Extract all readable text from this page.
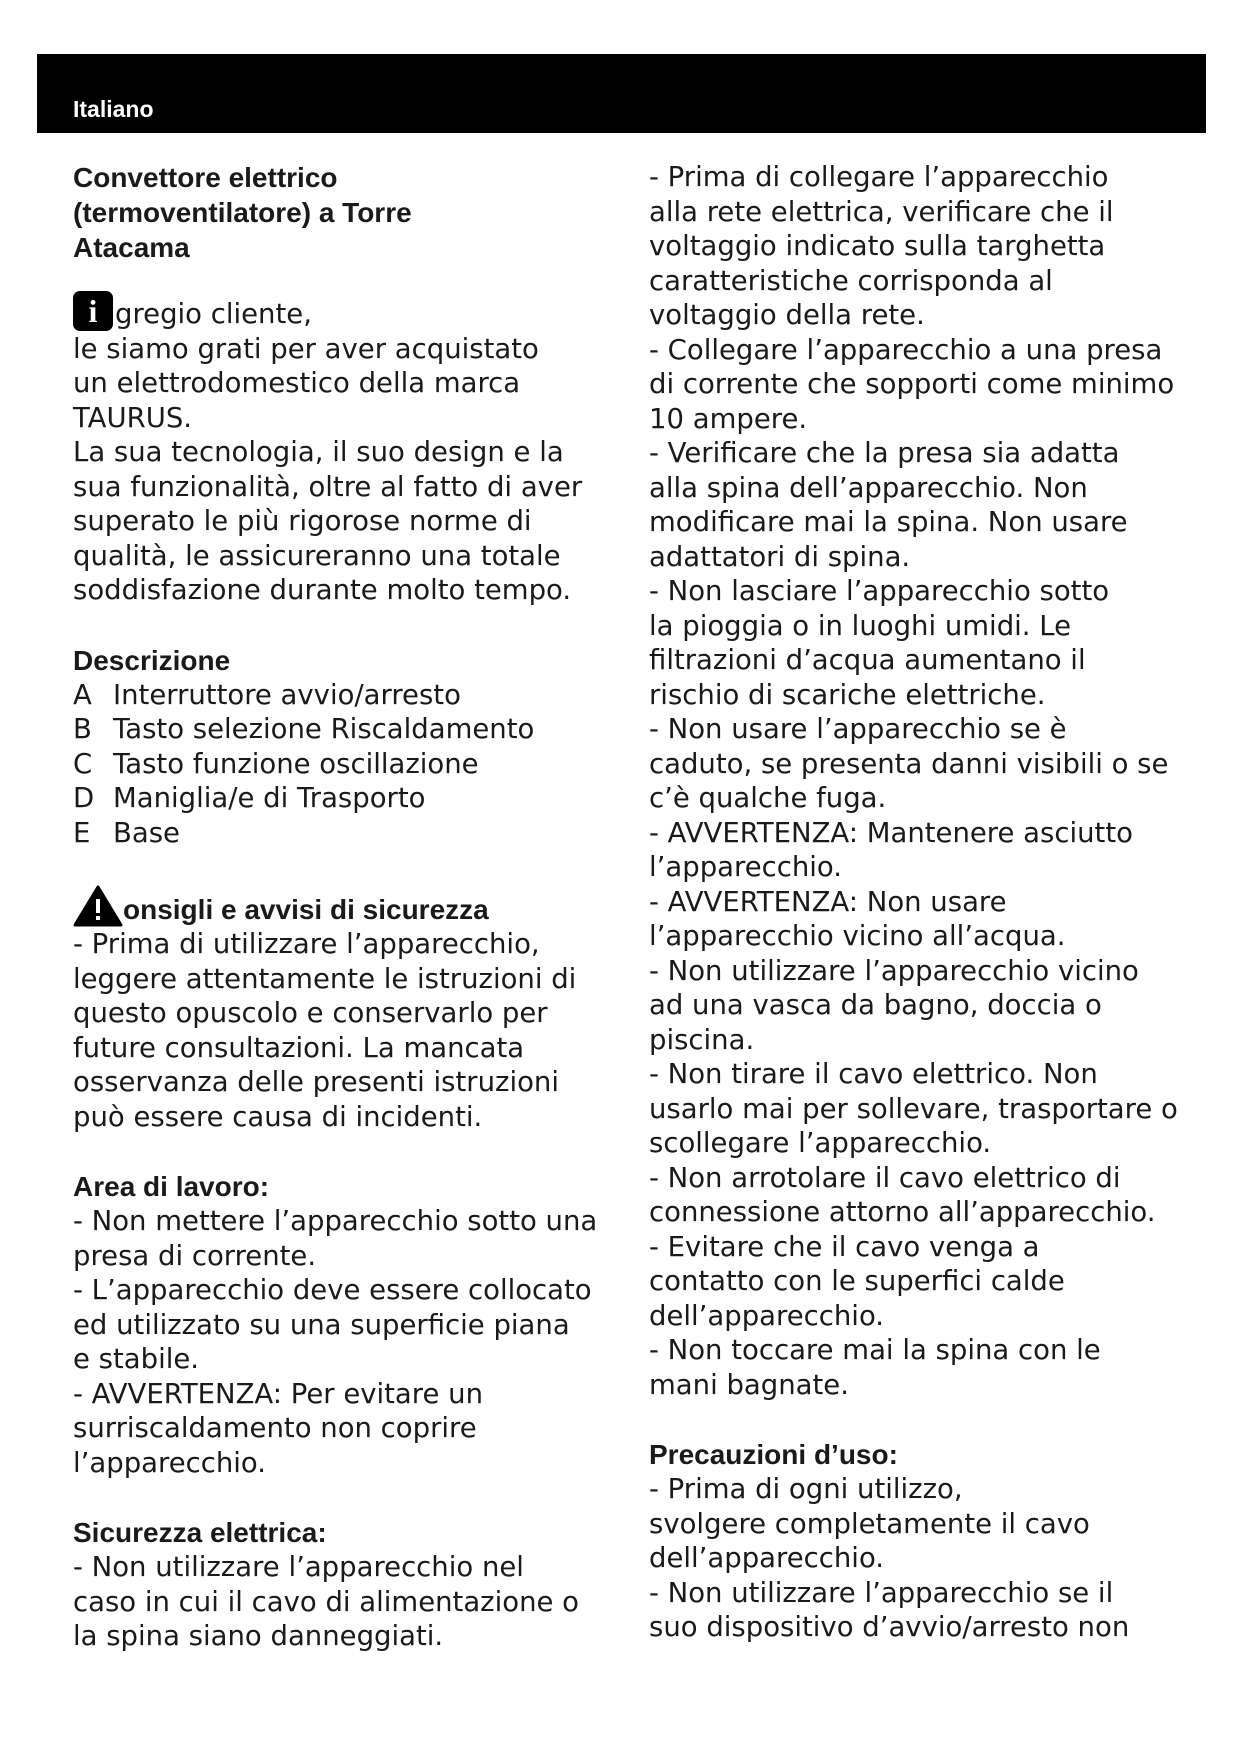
Italiano
Convettore elettrico
(termoventilatore) a Torre
Atacama
i gregio cliente,
le siamo grati per aver acquistato
un elettrodomestico della marca
TAURUS.
La sua tecnologia, il suo design e la
sua funzionalità, oltre al fatto di aver
superato le più rigorose norme di
qualità, le assicureranno una totale
soddisfazione durante molto tempo.
Descrizione
A Interruttore avvio/arresto
B Tasto selezione Riscaldamento
C Tasto funzione oscillazione
D Maniglia/e di Trasporto
E Base
onsigli e avvisi di sicurezza
- Prima di utilizzare l’apparecchio,
leggere attentamente le istruzioni di
questo opuscolo e conservarlo per
future consultazioni. La mancata
osservanza delle presenti istruzioni
può essere causa di incidenti.
Area di lavoro:
- Non mettere l’apparecchio sotto una
presa di corrente.
- L’apparecchio deve essere collocato
ed utilizzato su una superficie piana
e stabile.
- AVVERTENZA: Per evitare un
surriscaldamento non coprire
l’apparecchio.
Sicurezza elettrica:
- Non utilizzare l’apparecchio nel
caso in cui il cavo di alimentazione o
la spina siano danneggiati.
- Prima di collegare l’apparecchio
alla rete elettrica, verificare che il
voltaggio indicato sulla targhetta
caratteristiche corrisponda al
voltaggio della rete.
- Collegare l’apparecchio a una presa
di corrente che sopporti come minimo
10 ampere.
- Verificare che la presa sia adatta
alla spina dell’apparecchio. Non
modificare mai la spina. Non usare
adattatori di spina.
- Non lasciare l’apparecchio sotto
la pioggia o in luoghi umidi. Le
filtrazioni d’acqua aumentano il
rischio di scariche elettriche.
- Non usare l’apparecchio se è
caduto, se presenta danni visibili o se
c’è qualche fuga.
- AVVERTENZA: Mantenere asciutto
l’apparecchio.
- AVVERTENZA: Non usare
l’apparecchio vicino all’acqua.
- Non utilizzare l’apparecchio vicino
ad una vasca da bagno, doccia o
piscina.
- Non tirare il cavo elettrico. Non
usarlo mai per sollevare, trasportare o
scollegare l’apparecchio.
- Non arrotolare il cavo elettrico di
connessione attorno all’apparecchio.
- Evitare che il cavo venga a
contatto con le superfici calde
dell’apparecchio.
- Non toccare mai la spina con le
mani bagnate.
Precauzioni d’uso:
- Prima di ogni utilizzo,
svolgere completamente il cavo
dell’apparecchio.
- Non utilizzare l’apparecchio se il
suo dispositivo d’avvio/arresto non
